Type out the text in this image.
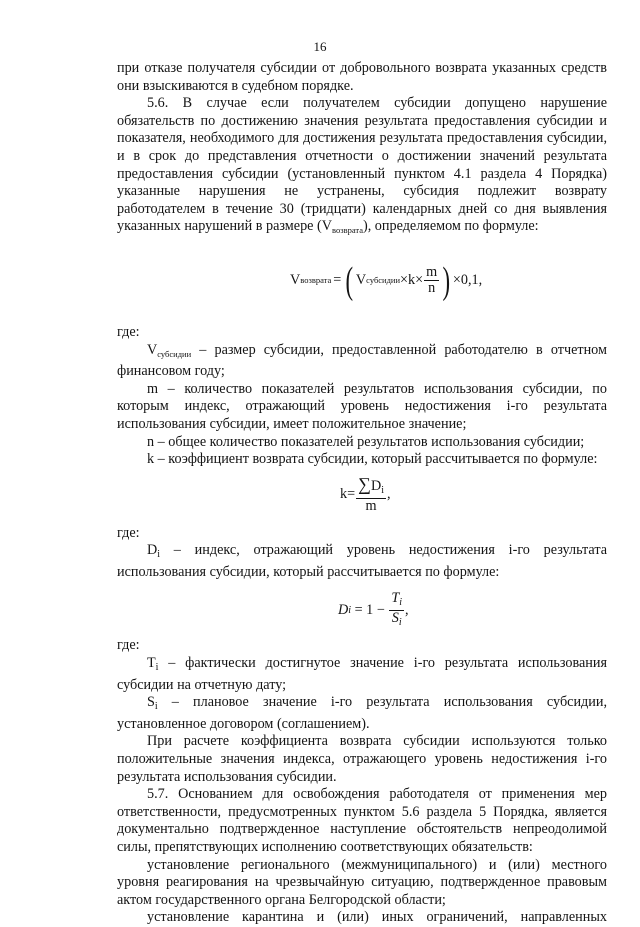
16

при отказе получателя субсидии от добровольного возврата указанных средств они взыскиваются в судебном порядке.

5.6. В случае если получателем субсидии допущено нарушение обязательств по достижению значения результата предоставления субсидии и показателя, необходимого для достижения результата предоставления субсидии, и в срок до представления отчетности о достижении значений результата предоставления субсидии (установленный пунктом 4.1 раздела 4 Порядка) указанные нарушения не устранены, субсидия подлежит возврату работодателем в течение 30 (тридцати) календарных дней со дня выявления указанных нарушений в размере $(V_{возврата})$, определяемом по формуле:

V возврата = ( V субсидии $\times k\times \frac{m}{n}$ ) ×0,1,

где:

$V_{субсидии}$ – размер субсидии, предоставленной работодателю в отчетном финансовом году;

m – количество показателей результатов использования субсидии, по которым индекс, отражающий уровень недостижения i-го результата использования субсидии, имеет положительное значение;

n – общее количество показателей результатов использования субсидии;

k – коэффициент возврата субсидии, который рассчитывается по формуле:

$k= \frac{\sum D_i}{m}$ ,

где:

$D_i$ – индекс, отражающий уровень недостижения i-го результата использования субсидии, который рассчитывается по формуле:

D $i = 1 - \frac{T_i}{S_i}$ ,

где:

$T_i$ – фактически достигнутое значение i-го результата использования субсидии на отчетную дату;

$S_i$ – плановое значение i-го результата использования субсидии, установленное договором (соглашением).

При расчете коэффициента возврата субсидии используются только положительные значения индекса, отражающего уровень недостижения i-го результата использования субсидии.

5.7. Основанием для освобождения работодателя от применения мер ответственности, предусмотренных пунктом 5.6 раздела 5 Порядка, является документально подтвержденное наступление обстоятельств непреодолимой силы, препятствующих исполнению соответствующих обязательств:

установление регионального (межмуниципального) и (или) местного уровня реагирования на чрезвычайную ситуацию, подтвержденное правовым актом государственного органа Белгородской области;

установление карантина и (или) иных ограничений, направленных
